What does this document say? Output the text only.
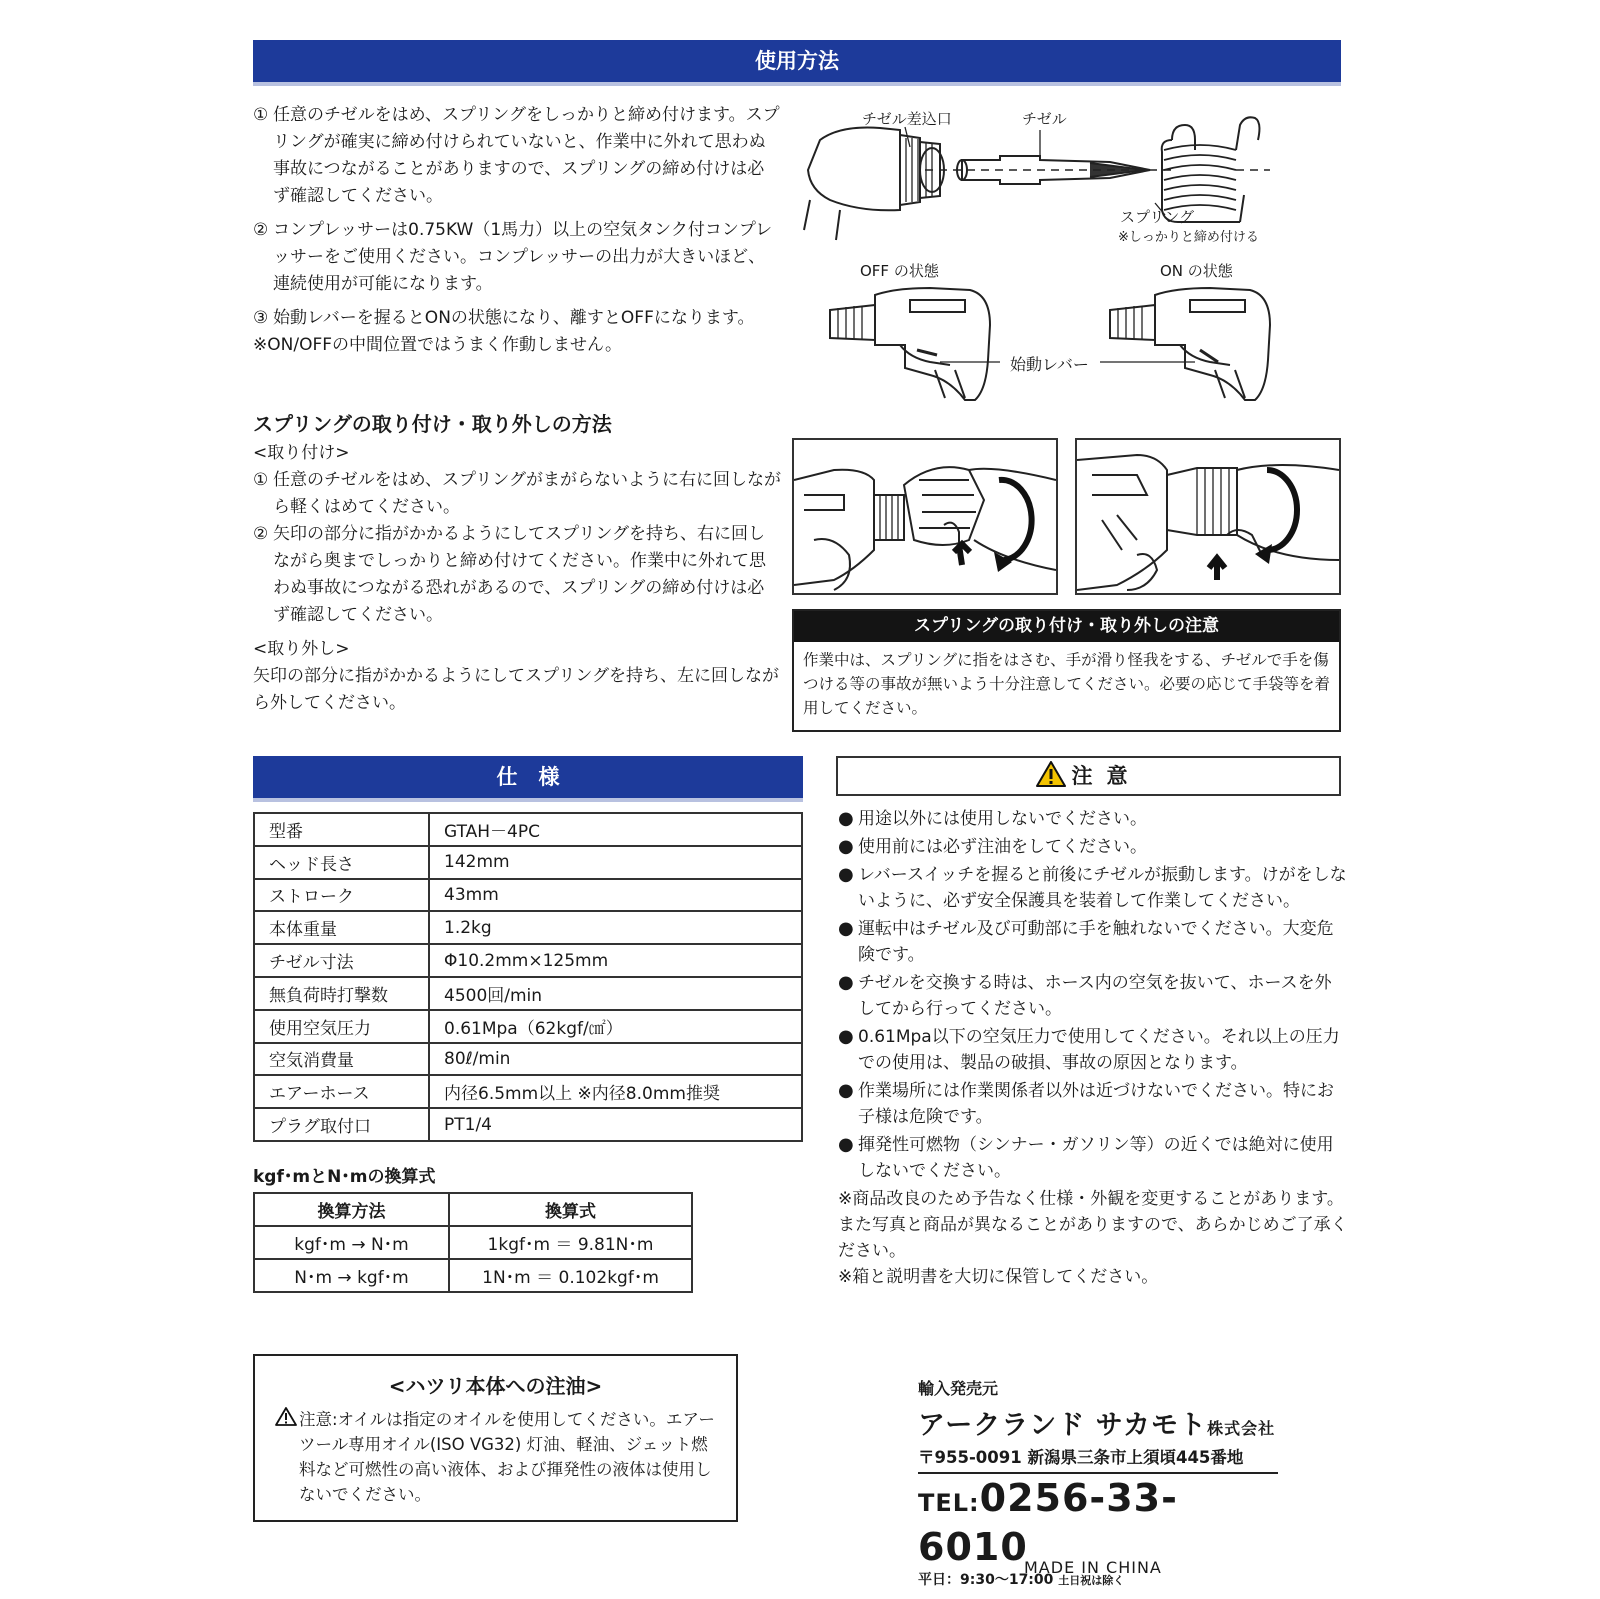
使用方法
① 任意のチゼルをはめ、スプリングをしっかりと締め付けます。スプリングが確実に締め付けられていないと、作業中に外れて思わぬ事故につながることがありますので、スプリングの締め付けは必ず確認してください。
② コンプレッサーは0.75KW（1馬力）以上の空気タンク付コンプレッサーをご使用ください。コンプレッサーの出力が大きいほど、連続使用が可能になります。
③ 始動レバーを握るとONの状態になり、離すとOFFになります。
※ON/OFFの中間位置ではうまく作動しません。
チゼル差込口	チゼル
スプリング
※しっかりと締め付ける
OFF の状態	ON の状態
始動レバー
スプリングの取り付け・取り外しの方法
<取り付け>
① 任意のチゼルをはめ、スプリングがまがらないように右に回しながら軽くはめてください。
② 矢印の部分に指がかかるようにしてスプリングを持ち、右に回しながら奥までしっかりと締め付けてください。作業中に外れて思わぬ事故につながる恐れがあるので、スプリングの締め付けは必ず確認してください。
<取り外し>
矢印の部分に指がかかるようにしてスプリングを持ち、左に回しながら外してください。
スプリングの取り付け・取り外しの注意
作業中は、スプリングに指をはさむ、手が滑り怪我をする、チゼルで手を傷つける等の事故が無いよう十分注意してください。必要の応じて手袋等を着用してください。
仕　様
型番	GTAH－4PC
ヘッド長さ	142mm
ストローク	43mm
本体重量	1.2kg
チゼル寸法	Φ10.2mm×125mm
無負荷時打撃数	4500回/min
使用空気圧力	0.61Mpa（62kgf/㎠）
空気消費量	80ℓ/min
エアーホース	内径6.5mm以上 ※内径8.0mm推奨
プラグ取付口	PT1/4
kgf･mとN･mの換算式
換算方法	換算式
kgf･m → N･m	1kgf･m ＝ 9.81N･m
N･m → kgf･m	1N･m ＝ 0.102kgf･m
注意
● 用途以外には使用しないでください。
● 使用前には必ず注油をしてください。
● レバースイッチを握ると前後にチゼルが振動します。けがをしないように、必ず安全保護具を装着して作業してください。
● 運転中はチゼル及び可動部に手を触れないでください。大変危険です。
● チゼルを交換する時は、ホース内の空気を抜いて、ホースを外してから行ってください。
● 0.61Mpa以下の空気圧力で使用してください。それ以上の圧力での使用は、製品の破損、事故の原因となります。
● 作業場所には作業関係者以外は近づけないでください。特にお子様は危険です。
● 揮発性可燃物（シンナー・ガソリン等）の近くでは絶対に使用しないでください。
※商品改良のため予告なく仕様・外観を変更することがあります。また写真と商品が異なることがありますので、あらかじめご了承ください。
※箱と説明書を大切に保管してください。
<ハツリ本体への注油>
注意:オイルは指定のオイルを使用してください。エアーツール専用オイル(ISO VG32) 灯油、軽油、ジェット燃料など可燃性の高い液体、および揮発性の液体は使用しないでください。
輸入発売元
アークランド サカモト株式会社
〒955-0091 新潟県三条市上須頃445番地
TEL:0256-33-6010
平日：9:30～17:00 土日祝は除く
MADE IN CHINA
